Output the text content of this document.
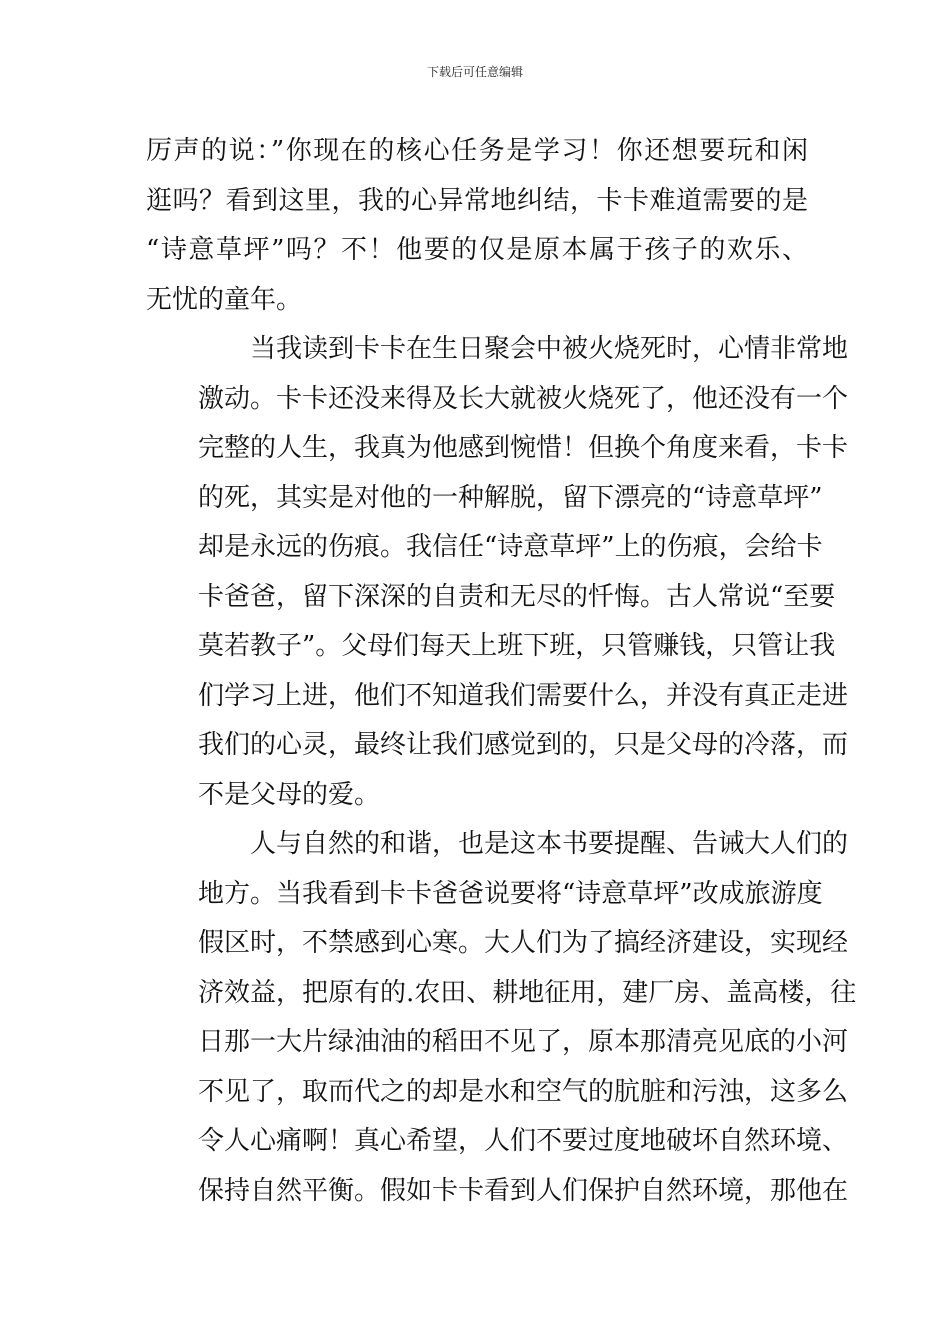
下载后可任意编辑
厉声的说：”你现在的核心任务是学习！你还想要玩和闲
逛吗？看到这里，我的心异常地纠结，卡卡难道需要的是
“诗意草坪”吗？不！他要的仅是原本属于孩子的欢乐、
无忧的童年。
当我读到卡卡在生日聚会中被火烧死时，心情非常地
激动。卡卡还没来得及长大就被火烧死了，他还没有一个
完整的人生，我真为他感到惋惜！但换个角度来看，卡卡
的死，其实是对他的一种解脱，留下漂亮的“诗意草坪”
却是永远的伤痕。我信任“诗意草坪”上的伤痕，会给卡
卡爸爸，留下深深的自责和无尽的忏悔。古人常说“至要
莫若教子”。父母们每天上班下班，只管赚钱，只管让我
们学习上进，他们不知道我们需要什么，并没有真正走进
我们的心灵，最终让我们感觉到的，只是父母的冷落，而
不是父母的爱。
人与自然的和谐，也是这本书要提醒、告诫大人们的
地方。当我看到卡卡爸爸说要将“诗意草坪”改成旅游度
假区时，不禁感到心寒。大人们为了搞经济建设，实现经
济效益，把原有的.农田、耕地征用，建厂房、盖高楼，往
日那一大片绿油油的稻田不见了，原本那清亮见底的小河
不见了，取而代之的却是水和空气的肮脏和污浊，这多么
令人心痛啊！真心希望，人们不要过度地破坏自然环境、
保持自然平衡。假如卡卡看到人们保护自然环境，那他在
